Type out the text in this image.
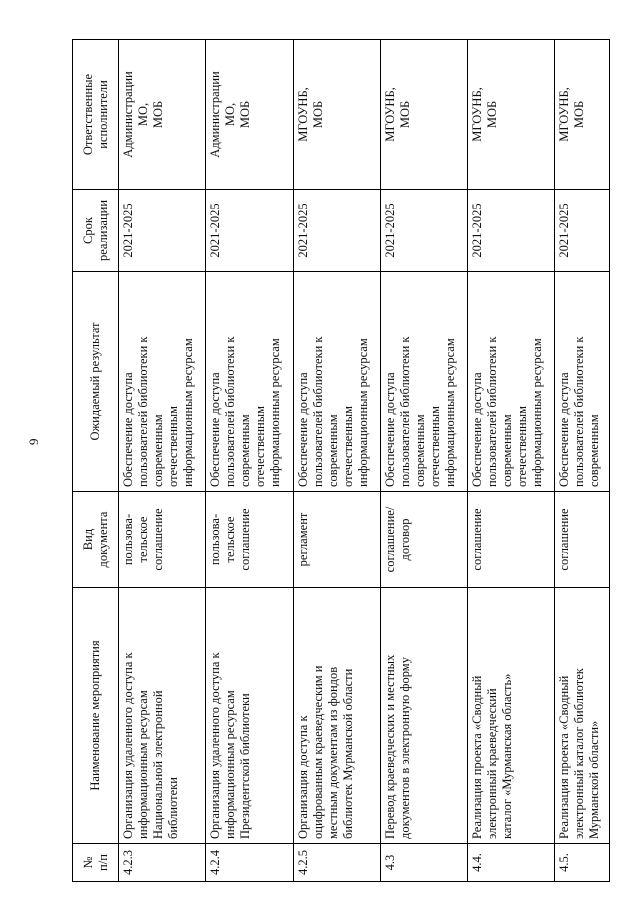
9
№
п/п	Наименование мероприятия	Вид
документа	Ожидаемый результат	Срок
реализации	Ответственные
исполнители
4.2.3	Организация удаленного доступа к
информационным ресурсам
Национальной электронной
библиотеки	пользова-
тельское
соглашение	Обеспечение доступа
пользователей библиотеки к
современным
отечественным
информационным ресурсам	2021-2025	Администрации
МО,
МОБ
4.2.4	Организация удаленного доступа к
информационным ресурсам
Президентской библиотеки	пользова-
тельское
соглашение	Обеспечение доступа
пользователей библиотеки к
современным
отечественным
информационным ресурсам	2021-2025	Администрации
МО,
МОБ
4.2.5	Организация доступа к
оцифрованным краеведческим и
местным документам из фондов
библиотек Мурманской области	регламент	Обеспечение доступа
пользователей библиотеки к
современным
отечественным
информационным ресурсам	2021-2025	МГОУНБ,
МОБ
4.3	Перевод краеведческих и местных
документов в электронную форму	соглашение/
договор	Обеспечение доступа
пользователей библиотеки к
современным
отечественным
информационным ресурсам	2021-2025	МГОУНБ,
МОБ
4.4.	Реализация проекта «Сводный
электронный краеведческий
каталог «Мурманская область»	соглашение	Обеспечение доступа
пользователей библиотеки к
современным
отечественным
информационным ресурсам	2021-2025	МГОУНБ,
МОБ
4.5.	Реализация проекта «Сводный
электронный каталог библиотек
Мурманской области»	соглашение	Обеспечение доступа
пользователей библиотеки к
современным	2021-2025	МГОУНБ,
МОБ
